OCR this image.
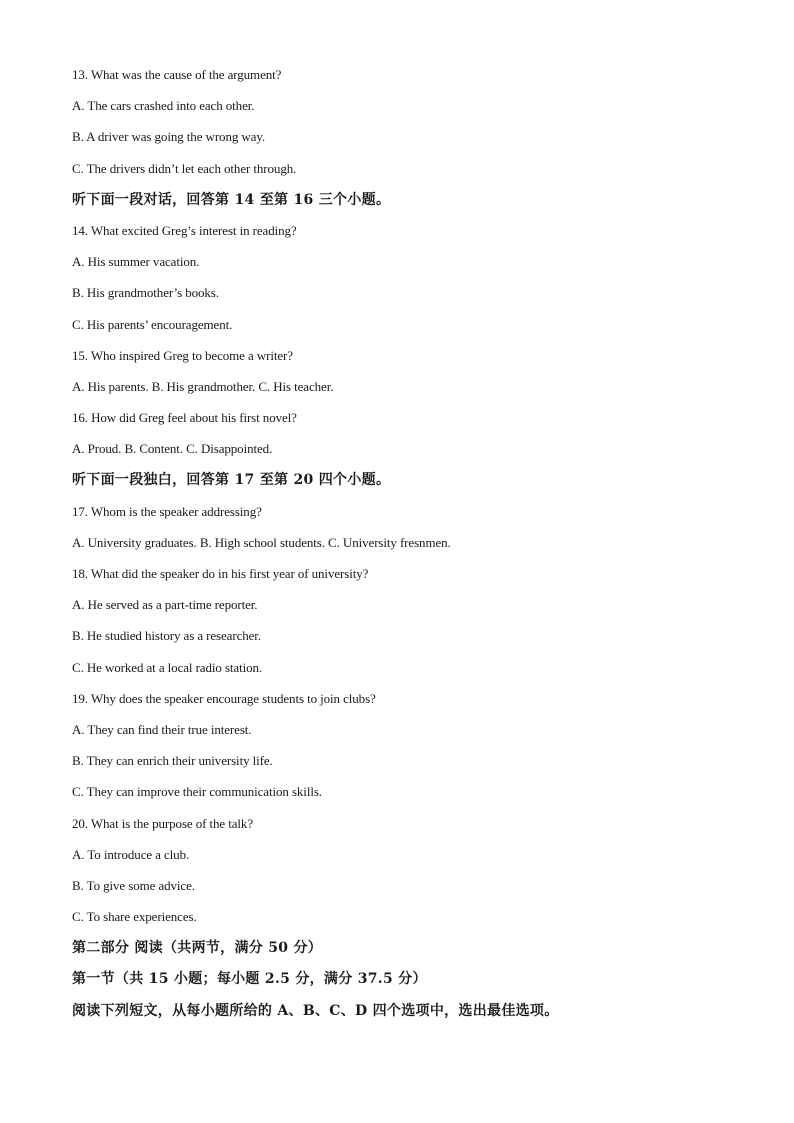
13. What was the cause of the argument?
A. The cars crashed into each other.
B. A driver was going the wrong way.
C. The drivers didn’t let each other through.
听下面一段对话，回答第 14 至第 16 三个小题。
14. What excited Greg’s interest in reading?
A. His summer vacation.
B. His grandmother’s books.
C. His parents’ encouragement.
15. Who inspired Greg to become a writer?
A. His parents. B. His grandmother. C. His teacher.
16. How did Greg feel about his first novel?
A. Proud. B. Content. C. Disappointed.
听下面一段独白，回答第 17 至第 20 四个小题。
17. Whom is the speaker addressing?
A. University graduates. B. High school students. C. University fresnmen.
18. What did the speaker do in his first year of university?
A. He served as a part-time reporter.
B. He studied history as a researcher.
C. He worked at a local radio station.
19. Why does the speaker encourage students to join clubs?
A. They can find their true interest.
B. They can enrich their university life.
C. They can improve their communication skills.
20. What is the purpose of the talk?
A. To introduce a club.
B. To give some advice.
C. To share experiences.
第二部分 阅读（共两节，满分 50 分）
第一节（共 15 小题；每小题 2.5 分，满分 37.5 分）
阅读下列短文，从每小题所给的 A、B、C、D 四个选项中，选出最佳选项。
